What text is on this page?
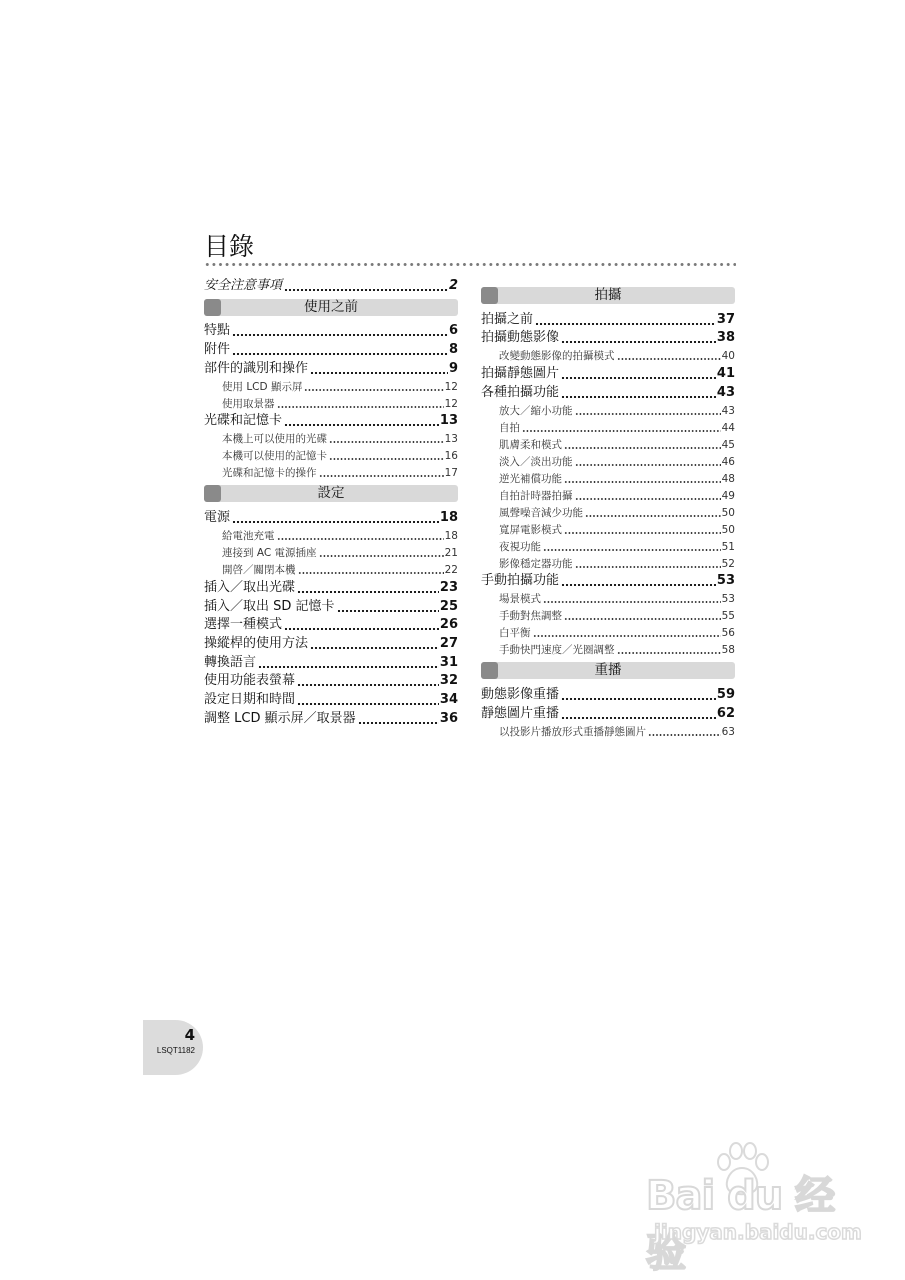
目錄
安全注意事項	2
使用之前
特點	6
附件	8
部件的識別和操作	9
使用 LCD 顯示屏	12
使用取景器	12
光碟和記憶卡	13
本機上可以使用的光碟	13
本機可以使用的記憶卡	16
光碟和記憶卡的操作	17
設定
電源	18
給電池充電	18
連接到 AC 電源插座	21
開啓／關閉本機	22
插入／取出光碟	23
插入／取出 SD 記憶卡	25
選擇一種模式	26
操縱桿的使用方法	27
轉換語言	31
使用功能表螢幕	32
設定日期和時間	34
調整 LCD 顯示屏／取景器	36
拍攝
拍攝之前	37
拍攝動態影像	38
改變動態影像的拍攝模式	40
拍攝靜態圖片	41
各種拍攝功能	43
放大／縮小功能	43
自拍	44
肌膚柔和模式	45
淡入／淡出功能	46
逆光補償功能	48
自拍計時器拍攝	49
風聲噪音減少功能	50
寬屏電影模式	50
夜視功能	51
影像穩定器功能	52
手動拍攝功能	53
場景模式	53
手動對焦調整	55
白平衡	56
手動快門速度／光圈調整	58
重播
動態影像重播	59
靜態圖片重播	62
以投影片播放形式重播靜態圖片	63
4
LSQT1182
Bai du 经验
jingyan.baidu.com
